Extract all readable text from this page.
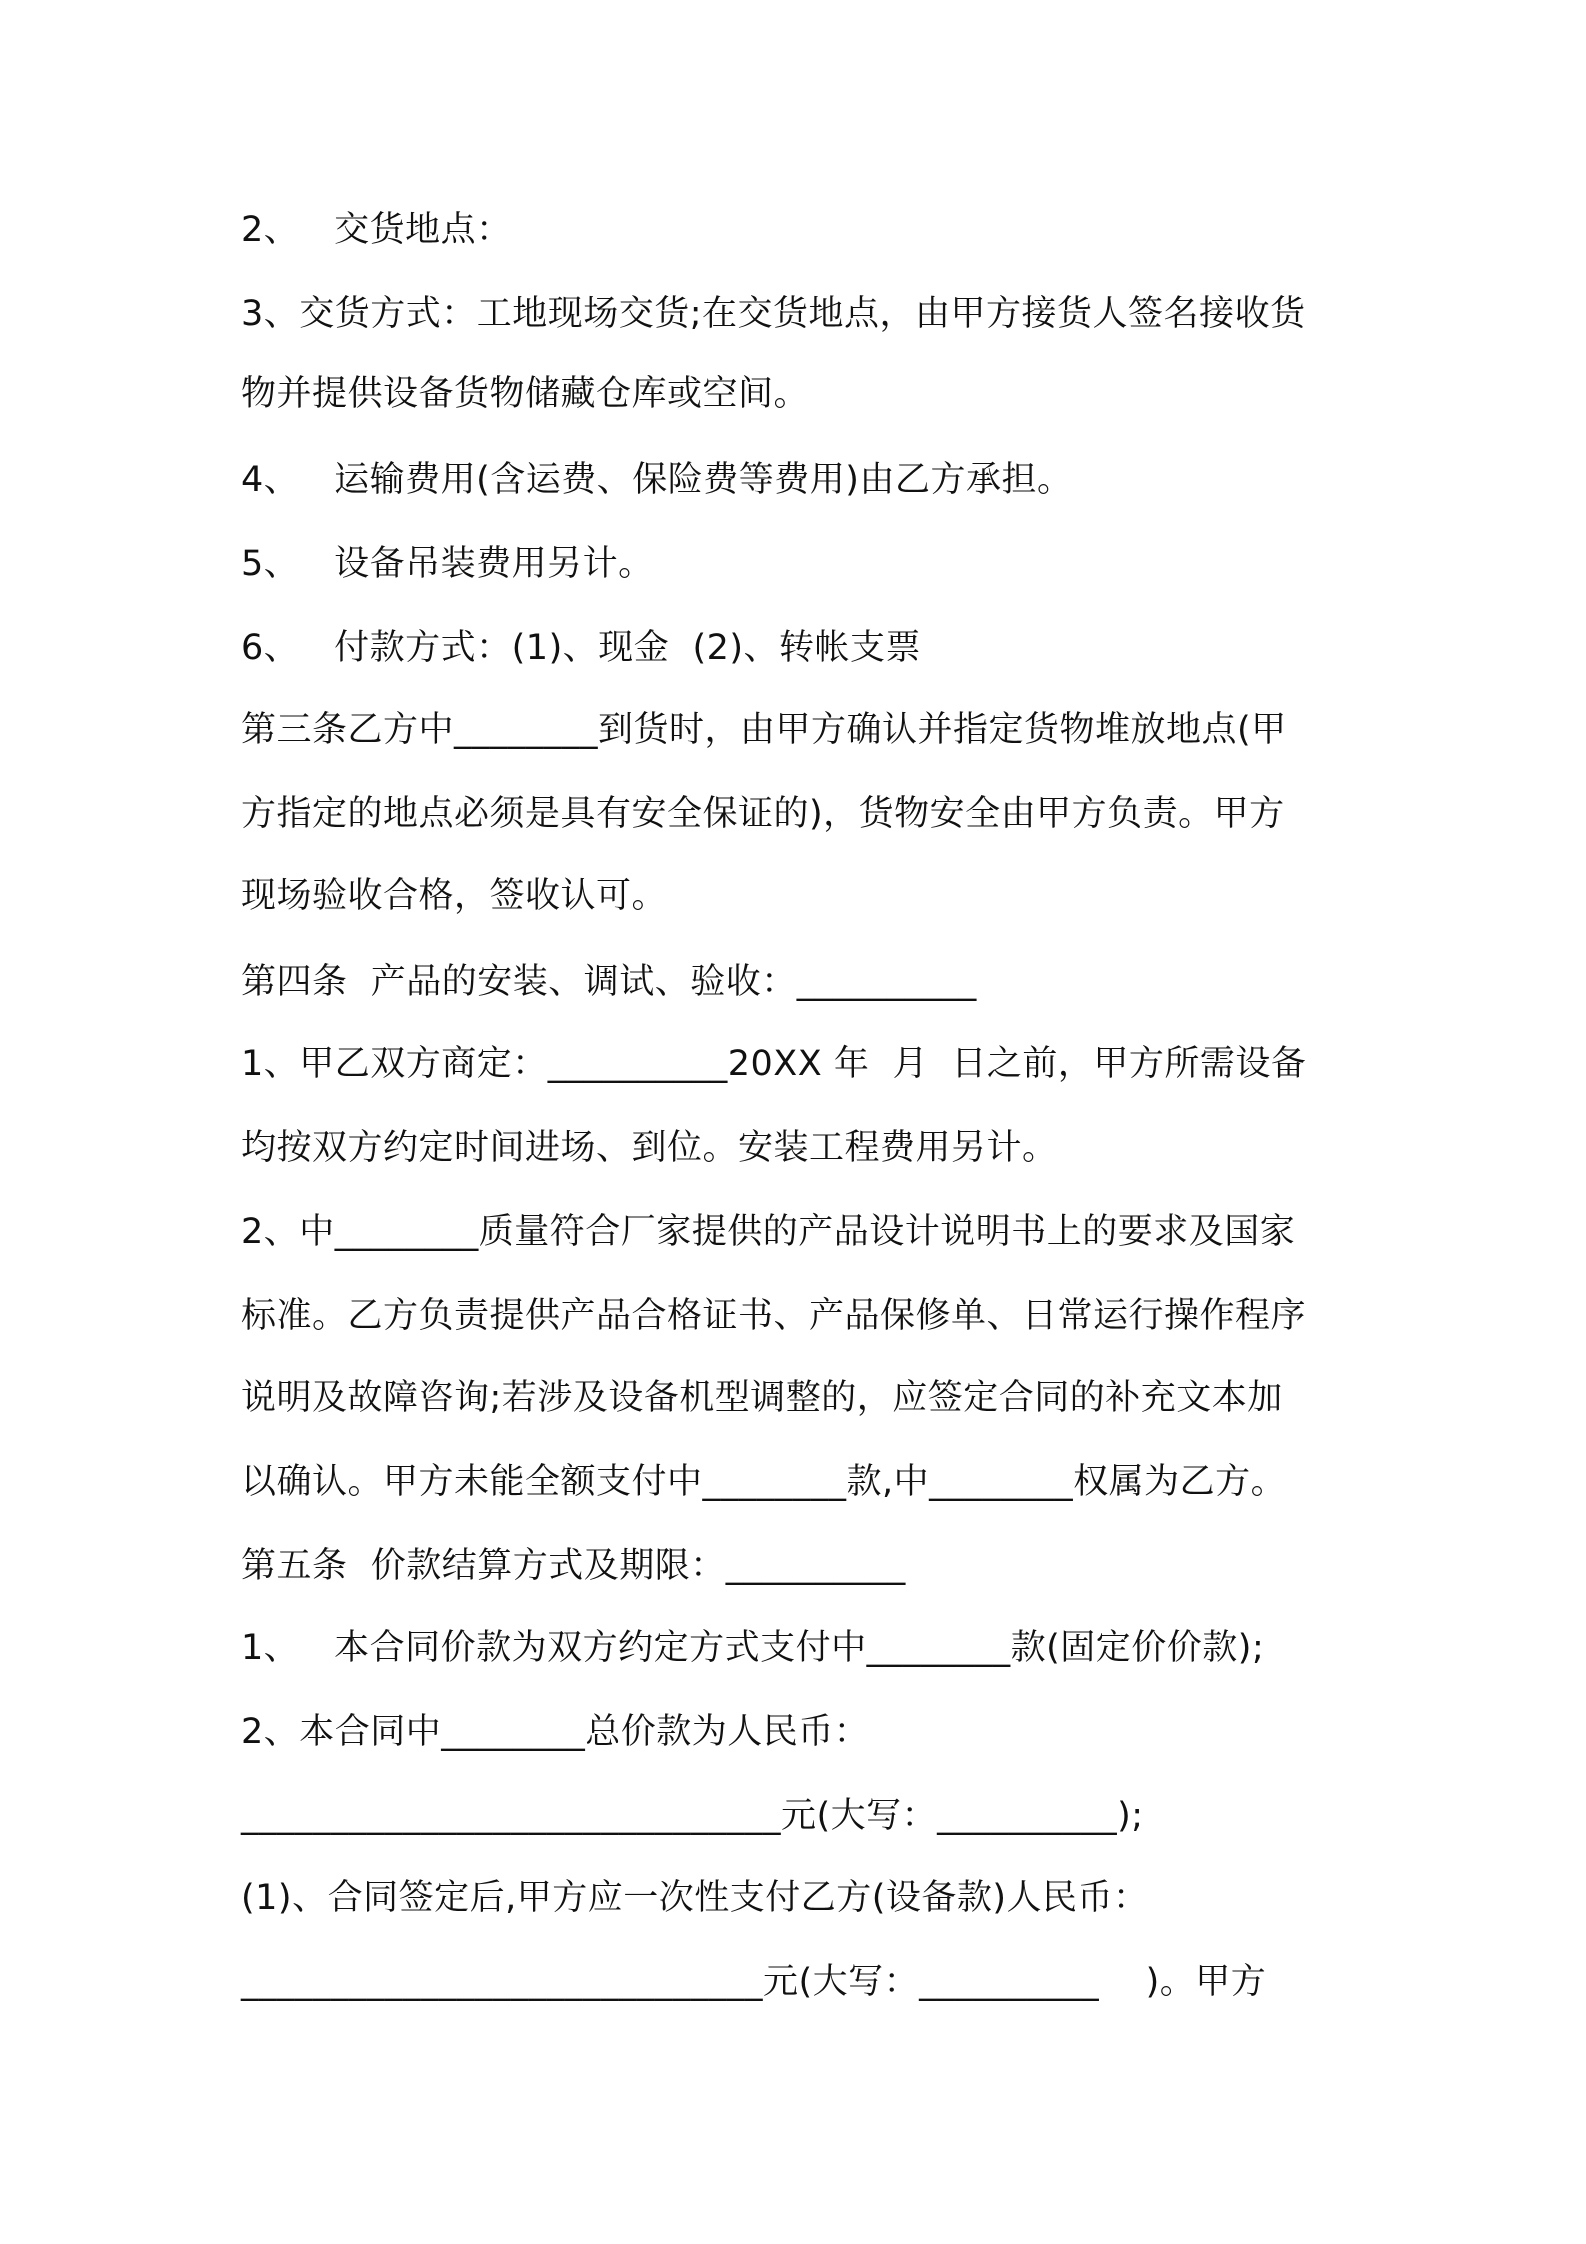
2、   交货地点：
3、交货方式：工地现场交货;在交货地点，由甲方接货人签名接收货
物并提供设备货物储藏仓库或空间。
4、   运输费用(含运费、保险费等费用)由乙方承担。
5、   设备吊装费用另计。
6、   付款方式：(1)、现金  (2)、转帐支票
第三条乙方中________到货时，由甲方确认并指定货物堆放地点(甲
方指定的地点必须是具有安全保证的)，货物安全由甲方负责。甲方
现场验收合格，签收认可。
第四条  产品的安装、调试、验收：__________
1、甲乙双方商定：__________20XX 年  月  日之前，甲方所需设备
均按双方约定时间进场、到位。安装工程费用另计。
2、中________质量符合厂家提供的产品设计说明书上的要求及国家
标准。乙方负责提供产品合格证书、产品保修单、日常运行操作程序
说明及故障咨询;若涉及设备机型调整的，应签定合同的补充文本加
以确认。甲方未能全额支付中________款,中________权属为乙方。
第五条  价款结算方式及期限：__________
1、   本合同价款为双方约定方式支付中________款(固定价价款);
2、本合同中________总价款为人民币：
______________________________元(大写：__________);
(1)、合同签定后,甲方应一次性支付乙方(设备款)人民币：
_____________________________元(大写：__________    )。甲方
